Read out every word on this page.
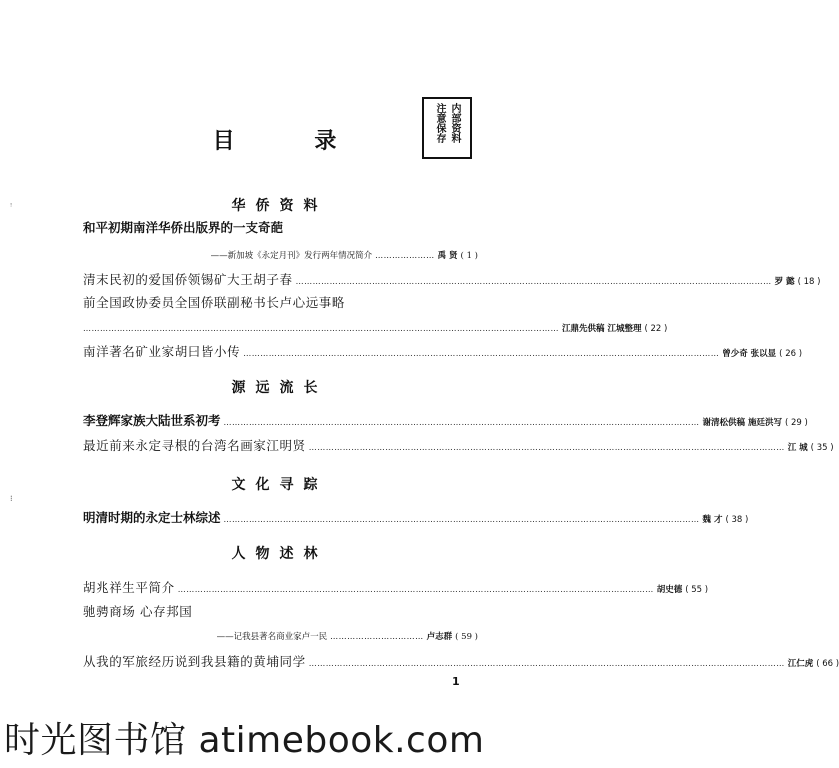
ꜝ
⁝
内部资料
注意保存
目 录
华侨资料
和平初期南洋华侨出版界的一支奇葩
——新加坡《永定月刊》发行两年情况简介 ………………… 禹 贤 ( 1 )
清末民初的爱国侨领锡矿大王胡子春 …………………………………………………………………………………………………………………………………………………… 罗 懿 ( 18 )
前全国政协委员全国侨联副秘书长卢心远事略
…………………………………………………………………………………………………………………………………………………… 江鼎先供稿 江城整理 ( 22 )
南洋著名矿业家胡曰皆小传 …………………………………………………………………………………………………………………………………………………… 曾少奇 张以显 ( 26 )
源远流长
李登辉家族大陆世系初考 …………………………………………………………………………………………………………………………………………………… 谢清松供稿 施廷洪写 ( 29 )
最近前来永定寻根的台湾名画家江明贤 …………………………………………………………………………………………………………………………………………………… 江 城 ( 35 )
文化寻踪
明清时期的永定士林综述 …………………………………………………………………………………………………………………………………………………… 魏 才 ( 38 )
人物述林
胡兆祥生平简介 …………………………………………………………………………………………………………………………………………………… 胡史德 ( 55 )
驰骋商场 心存邦国
——记我县著名商业家卢一民 …………………………… 卢志群 ( 59 )
从我的军旅经历说到我县籍的黄埔同学 …………………………………………………………………………………………………………………………………………………… 江仁虎 ( 66 )
1
时光图书馆 atimebook.com
